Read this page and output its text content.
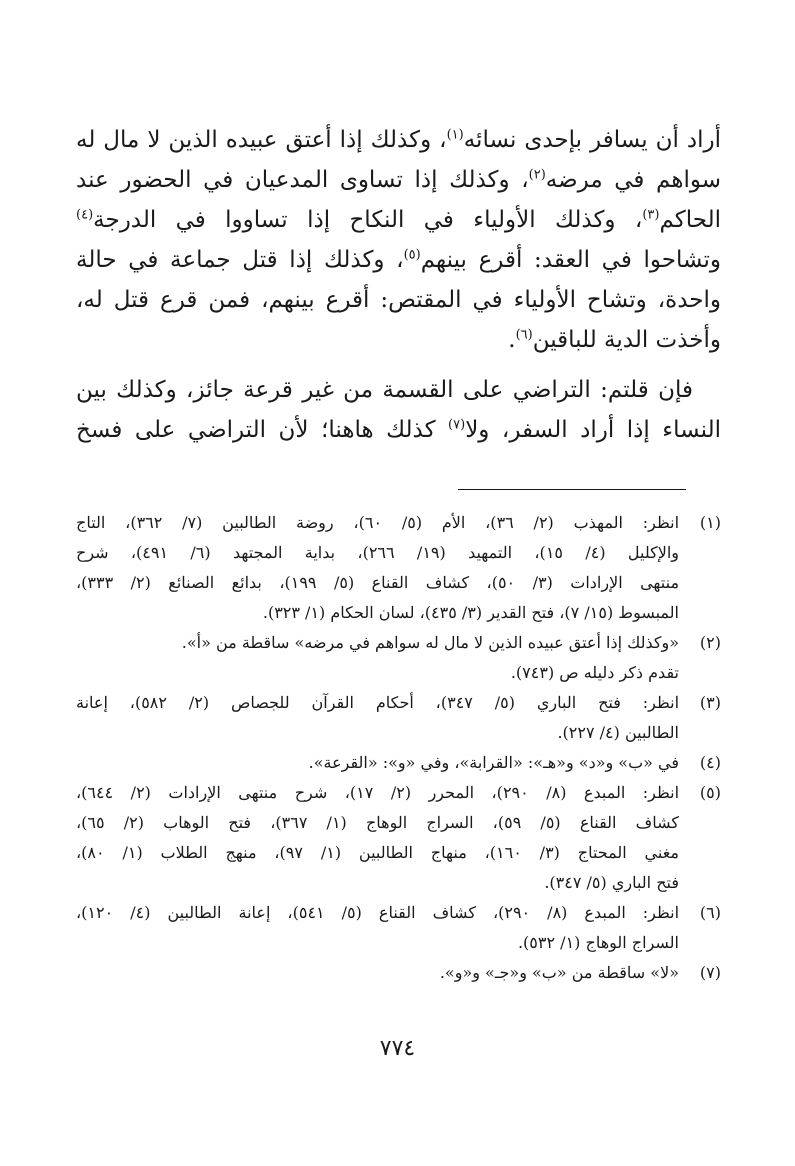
أراد أن يسافر بإحدى نسائه$^{(١)}$، وكذلك إذا أعتق عبيده الذين لا مال له
سواهم في مرضه$^{(٢)}$، وكذلك إذا تساوى المدعيان في الحضور عند
الحاكم$^{(٣)}$، وكذلك الأولياء في النكاح إذا تساووا في الدرجة$^{(٤)}$
وتشاحوا في العقد: أقرع بينهم$^{(٥)}$، وكذلك إذا قتل جماعة في حالة
واحدة، وتشاح الأولياء في المقتص: أقرع بينهم، فمن قرع قتل له،
وأخذت الدية للباقين$^{(٦)}$.
فإن قلتم: التراضي على القسمة من غير قرعة جائز، وكذلك بين
النساء إذا أراد السفر، ولا$^{(٧)}$ كذلك هاهنا؛ لأن التراضي على فسخ
(١)
انظر: المهذب (٢/ ٣٦)، الأم (٥/ ٦٠)، روضة الطالبين (٧/ ٣٦٢)، التاج
والإكليل (٤/ ١٥)، التمهيد (١٩/ ٢٦٦)، بداية المجتهد (٦/ ٤٩١)، شرح
منتهى الإرادات (٣/ ٥٠)، كشاف القناع (٥/ ١٩٩)، بدائع الصنائع (٢/ ٣٣٣)،
المبسوط (١٥/ ٧)، فتح القدير (٣/ ٤٣٥)، لسان الحكام (١/ ٣٢٣).
(٢)
«وكذلك إذا أعتق عبيده الذين لا مال له سواهم في مرضه» ساقطة من «أ».
تقدم ذكر دليله ص (٧٤٣).
(٣)
انظر: فتح الباري (٥/ ٣٤٧)، أحكام القرآن للجصاص (٢/ ٥٨٢)، إعانة
الطالبين (٤/ ٢٢٧).
(٤)
في «ب» و«د» و«هـ»: «القرابة»، وفي «و»: «القرعة».
(٥)
انظر: المبدع (٨/ ٢٩٠)، المحرر (٢/ ١٧)، شرح منتهى الإرادات (٢/ ٦٤٤)،
كشاف القناع (٥/ ٥٩)، السراج الوهاج (١/ ٣٦٧)، فتح الوهاب (٢/ ٦٥)،
مغني المحتاج (٣/ ١٦٠)، منهاج الطالبين (١/ ٩٧)، منهج الطلاب (١/ ٨٠)،
فتح الباري (٥/ ٣٤٧).
(٦)
انظر: المبدع (٨/ ٢٩٠)، كشاف القناع (٥/ ٥٤١)، إعانة الطالبين (٤/ ١٢٠)،
السراج الوهاج (١/ ٥٣٢).
(٧)
«لا» ساقطة من «ب» و«جـ» و«و».
٧٧٤
